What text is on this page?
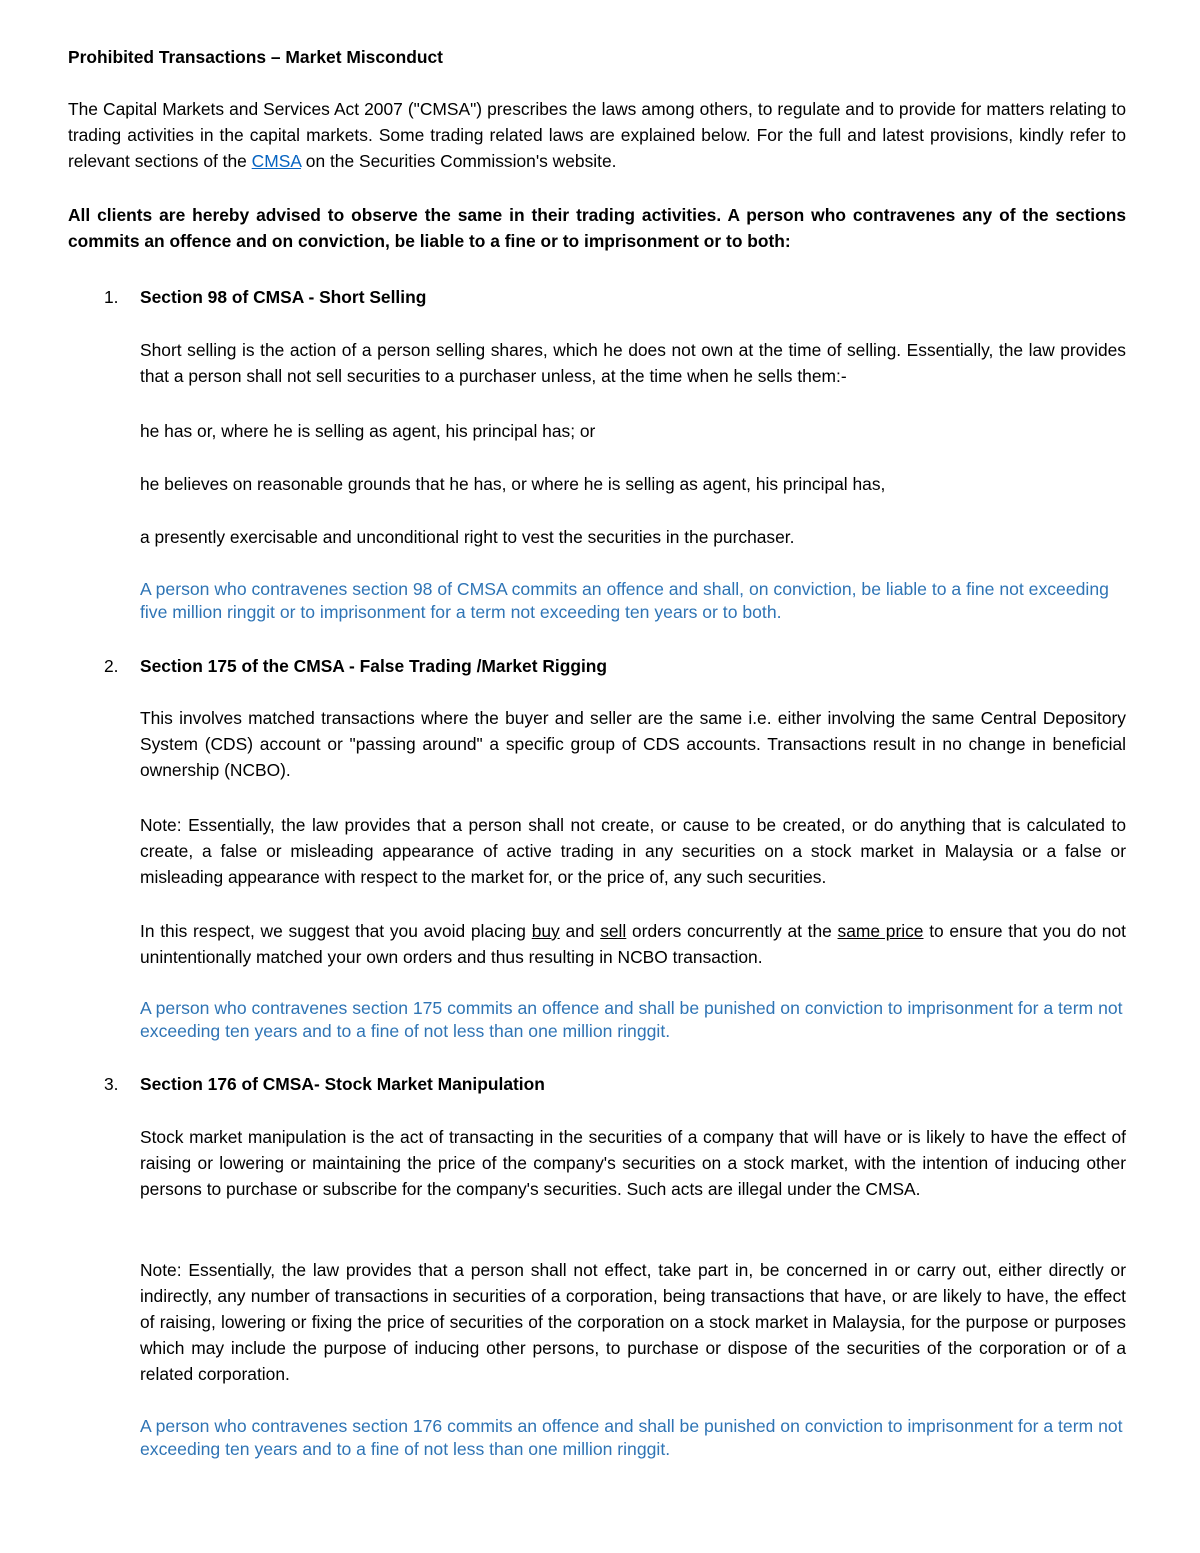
Prohibited Transactions – Market Misconduct

The Capital Markets and Services Act 2007 ("CMSA") prescribes the laws among others, to regulate and to provide for matters relating to trading activities in the capital markets. Some trading related laws are explained below. For the full and latest provisions, kindly refer to relevant sections of the CMSA on the Securities Commission's website.

All clients are hereby advised to observe the same in their trading activities. A person who contravenes any of the sections commits an offence and on conviction, be liable to a fine or to imprisonment or to both:

1. Section 98 of CMSA - Short Selling

Short selling is the action of a person selling shares, which he does not own at the time of selling. Essentially, the law provides that a person shall not sell securities to a purchaser unless, at the time when he sells them:-

he has or, where he is selling as agent, his principal has; or

he believes on reasonable grounds that he has, or where he is selling as agent, his principal has,

a presently exercisable and unconditional right to vest the securities in the purchaser.

A person who contravenes section 98 of CMSA commits an offence and shall, on conviction, be liable to a fine not exceeding five million ringgit or to imprisonment for a term not exceeding ten years or to both.

2. Section 175 of the CMSA - False Trading /Market Rigging

This involves matched transactions where the buyer and seller are the same i.e. either involving the same Central Depository System (CDS) account or "passing around" a specific group of CDS accounts. Transactions result in no change in beneficial ownership (NCBO).

Note: Essentially, the law provides that a person shall not create, or cause to be created, or do anything that is calculated to create, a false or misleading appearance of active trading in any securities on a stock market in Malaysia or a false or misleading appearance with respect to the market for, or the price of, any such securities.

In this respect, we suggest that you avoid placing buy and sell orders concurrently at the same price to ensure that you do not unintentionally matched your own orders and thus resulting in NCBO transaction.

A person who contravenes section 175 commits an offence and shall be punished on conviction to imprisonment for a term not exceeding ten years and to a fine of not less than one million ringgit.

3. Section 176 of CMSA- Stock Market Manipulation

Stock market manipulation is the act of transacting in the securities of a company that will have or is likely to have the effect of raising or lowering or maintaining the price of the company's securities on a stock market, with the intention of inducing other persons to purchase or subscribe for the company's securities. Such acts are illegal under the CMSA.

Note: Essentially, the law provides that a person shall not effect, take part in, be concerned in or carry out, either directly or indirectly, any number of transactions in securities of a corporation, being transactions that have, or are likely to have, the effect of raising, lowering or fixing the price of securities of the corporation on a stock market in Malaysia, for the purpose or purposes which may include the purpose of inducing other persons, to purchase or dispose of the securities of the corporation or of a related corporation.

A person who contravenes section 176 commits an offence and shall be punished on conviction to imprisonment for a term not exceeding ten years and to a fine of not less than one million ringgit.
